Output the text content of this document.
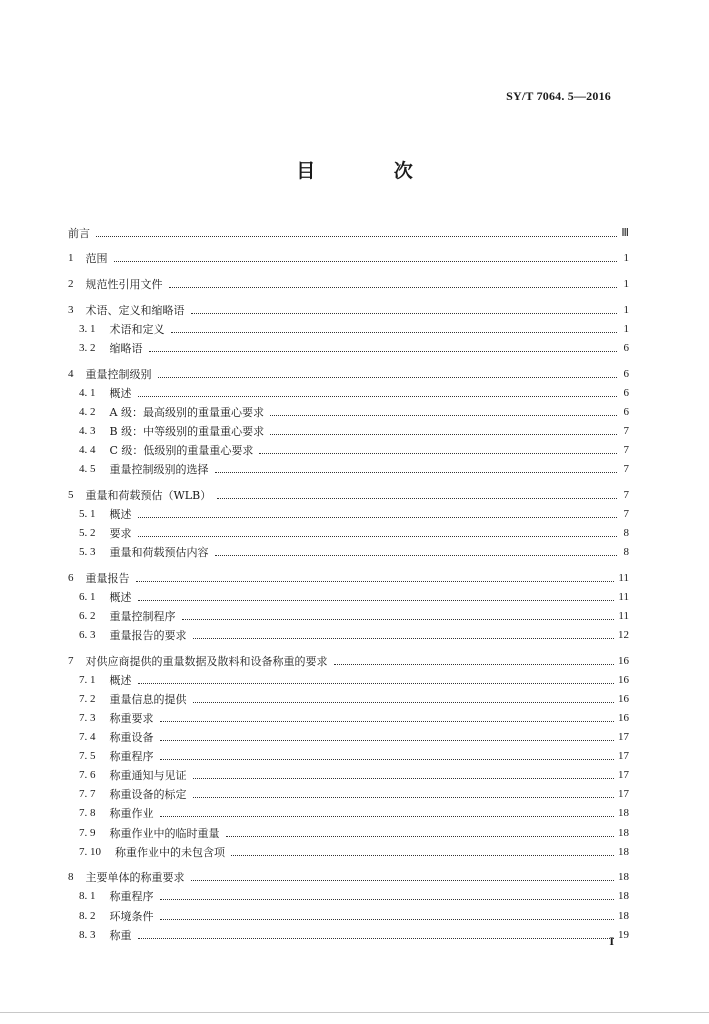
SY/T 7064. 5—2016
目 次
前言	Ⅲ
1 范围	1
2 规范性引用文件	1
3 术语、定义和缩略语	1
3. 1 术语和定义	1
3. 2 缩略语	6
4 重量控制级别	6
4. 1 概述	6
4. 2 A 级：最高级别的重量重心要求	6
4. 3 B 级：中等级别的重量重心要求	7
4. 4 C 级：低级别的重量重心要求	7
4. 5 重量控制级别的选择	7
5 重量和荷载预估（WLB）	7
5. 1 概述	7
5. 2 要求	8
5. 3 重量和荷载预估内容	8
6 重量报告	11
6. 1 概述	11
6. 2 重量控制程序	11
6. 3 重量报告的要求	12
7 对供应商提供的重量数据及散料和设备称重的要求	16
7. 1 概述	16
7. 2 重量信息的提供	16
7. 3 称重要求	16
7. 4 称重设备	17
7. 5 称重程序	17
7. 6 称重通知与见证	17
7. 7 称重设备的标定	17
7. 8 称重作业	18
7. 9 称重作业中的临时重量	18
7. 10 称重作业中的未包含项	18
8 主要单体的称重要求	18
8. 1 称重程序	18
8. 2 环境条件	18
8. 3 称重	19
I
